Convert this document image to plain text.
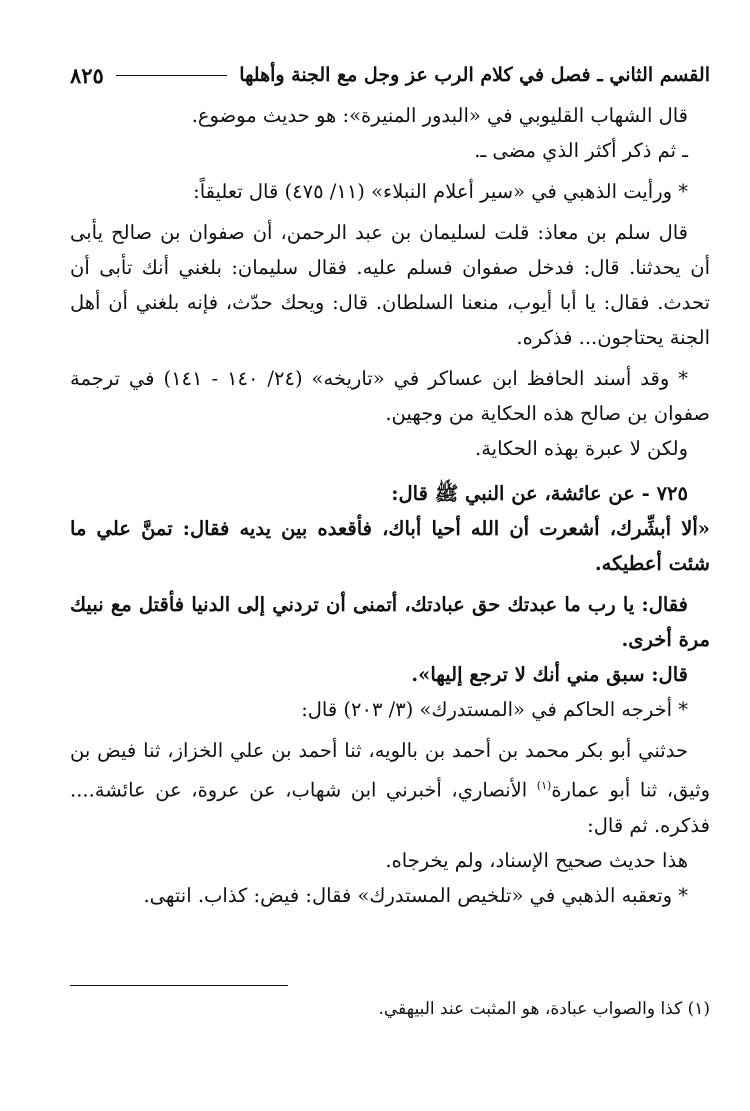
القسم الثاني ـ فصل في كلام الرب عز وجل مع الجنة وأهلها
٨٢٥

قال الشهاب القليوبي في «البدور المنيرة»: هو حديث موضوع.

ـ ثم ذكر أكثر الذي مضى ـ.

* ورأيت الذهبي في «سير أعلام النبلاء» (١١/ ٤٧٥) قال تعليقاً:

قال سلم بن معاذ: قلت لسليمان بن عبد الرحمن، أن صفوان بن صالح يأبى أن يحدثنا. قال: فدخل صفوان فسلم عليه. فقال سليمان: بلغني أنك تأبى أن تحدث. فقال: يا أبا أيوب، منعنا السلطان. قال: ويحك حدّث، فإنه بلغني أن أهل الجنة يحتاجون... فذكره.

* وقد أسند الحافظ ابن عساكر في «تاريخه» (٢٤/ ١٤٠ - ١٤١) في ترجمة صفوان بن صالح هذه الحكاية من وجهين.

ولكن لا عبرة بهذه الحكاية.

٧٢٥ - عن عائشة، عن النبي ﷺ قال:

«ألا أبشِّرك، أشعرت أن الله أحيا أباك، فأقعده بين يديه فقال: تمنَّ علي ما شئت أعطيكه.

فقال: يا رب ما عبدتك حق عبادتك، أتمنى أن تردني إلى الدنيا فأقتل مع نبيك مرة أخرى.

قال: سبق مني أنك لا ترجع إليها».

* أخرجه الحاكم في «المستدرك» (٣/ ٢٠٣) قال:

حدثني أبو بكر محمد بن أحمد بن بالويه، ثنا أحمد بن علي الخزاز، ثنا فيض بن وثيق، ثنا أبو عمارة$^{(١)}$ الأنصاري، أخبرني ابن شهاب، عن عروة، عن عائشة.... فذكره. ثم قال:

هذا حديث صحيح الإسناد، ولم يخرجاه.

* وتعقبه الذهبي في «تلخيص المستدرك» فقال: فيض: كذاب. انتهى.

(١) كذا والصواب عبادة، هو المثبت عند البيهقي.
